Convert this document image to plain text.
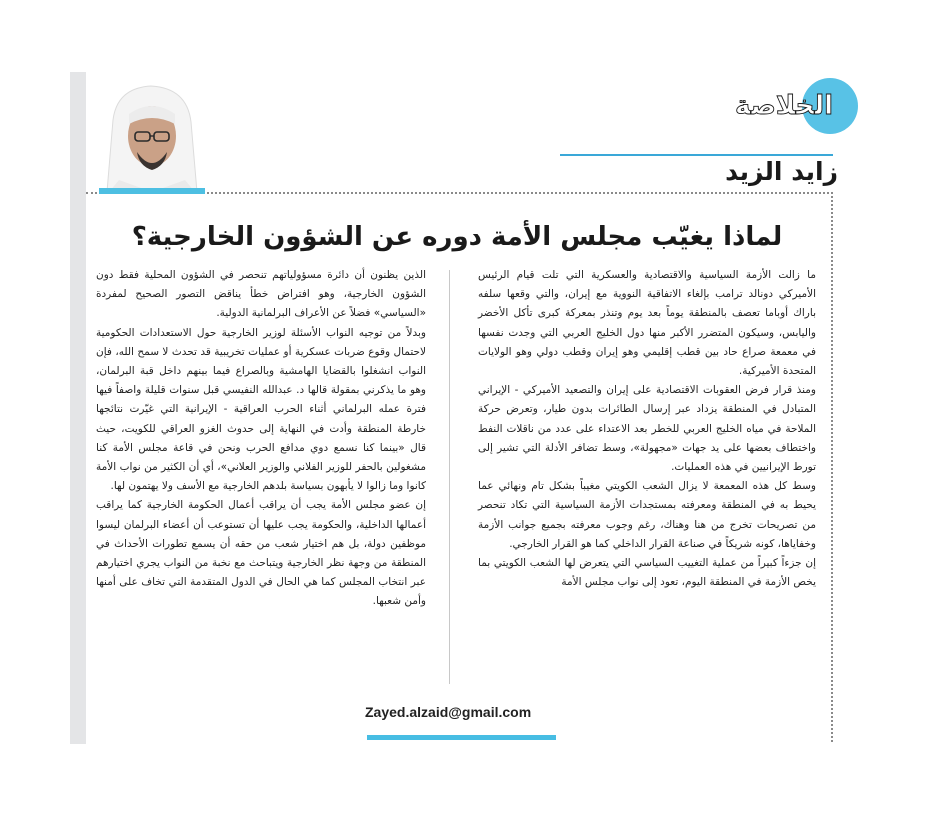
الخلاصة
زايد الزيد
لماذا يغيّب مجلس الأمة دوره عن الشؤون الخارجية؟

ما زالت الأزمة السياسية والاقتصادية والعسكرية التي تلت قيام الرئيس الأميركي دونالد ترامب بإلغاء الاتفاقية النووية مع إيران، والتي وقعها سلفه باراك أوباما تعصف بالمنطقة يوماً بعد يوم وتنذر بمعركة كبرى تأكل الأخضر واليابس، وسيكون المتضرر الأكبر منها دول الخليج العربي التي وجدت نفسها في معمعة صراع حاد بين قطب إقليمي وهو إيران وقطب دولي وهو الولايات المتحدة الأميركية.

ومنذ قرار فرض العقوبات الاقتصادية على إيران والتصعيد الأميركي - الإيراني المتبادل في المنطقة يزداد عبر إرسال الطائرات بدون طيار، وتعرض حركة الملاحة في مياه الخليج العربي للخطر بعد الاعتداء على عدد من ناقلات النفط واختطاف بعضها على يد جهات «مجهولة»، وسط تضافر الأدلة التي تشير إلى تورط الإيرانيين في هذه العمليات.

وسط كل هذه المعمعة لا يزال الشعب الكويتي مغيباً بشكل تام ونهائي عما يحيط به في المنطقة ومعرفته بمستجدات الأزمة السياسية التي تكاد تنحصر من تصريحات تخرج من هنا وهناك، رغم وجوب معرفته بجميع جوانب الأزمة وخفاياها، كونه شريكاً في صناعة القرار الداخلي كما هو القرار الخارجي.

إن جزءاً كبيراً من عملية التغييب السياسي التي يتعرض لها الشعب الكويتي بما يخص الأزمة في المنطقة اليوم، تعود إلى نواب مجلس الأمة

الذين يظنون أن دائرة مسؤولياتهم تنحصر في الشؤون المحلية فقط دون الشؤون الخارجية، وهو افتراض خطأ يناقض التصور الصحيح لمفردة «السياسي» فضلاً عن الأعراف البرلمانية الدولية.

وبدلاً من توجيه النواب الأسئلة لوزير الخارجية حول الاستعدادات الحكومية لاحتمال وقوع ضربات عسكرية أو عمليات تخريبية قد تحدث لا سمح الله، فإن النواب انشغلوا بالقضايا الهامشية وبالصراع فيما بينهم داخل قبة البرلمان، وهو ما يذكرني بمقولة قالها د. عبدالله النفيسي قبل سنوات قليلة واصفاً فيها فترة عمله البرلماني أثناء الحرب العراقية - الإيرانية التي غيّرت نتائجها خارطة المنطقة وأدت في النهاية إلى حدوث الغزو العراقي للكويت، حيث قال «بينما كنا نسمع دوي مدافع الحرب ونحن في قاعة مجلس الأمة كنا مشغولين بالحفر للوزير الفلاني والوزير العلاني»، أي أن الكثير من نواب الأمة كانوا وما زالوا لا يأبهون بسياسة بلدهم الخارجية مع الأسف ولا يهتمون لها.

إن عضو مجلس الأمة يجب أن يراقب أعمال الحكومة الخارجية كما يراقب أعمالها الداخلية، والحكومة يجب عليها أن تستوعب أن أعضاء البرلمان ليسوا موظفين دولة، بل هم اختيار شعب من حقه أن يسمع تطورات الأحداث في المنطقة من وجهة نظر الخارجية ويتباحث مع نخبة من النواب يجري اختيارهم عبر انتخاب المجلس كما هي الحال في الدول المتقدمة التي تخاف على أمنها وأمن شعبها.

Zayed.alzaid@gmail.com
